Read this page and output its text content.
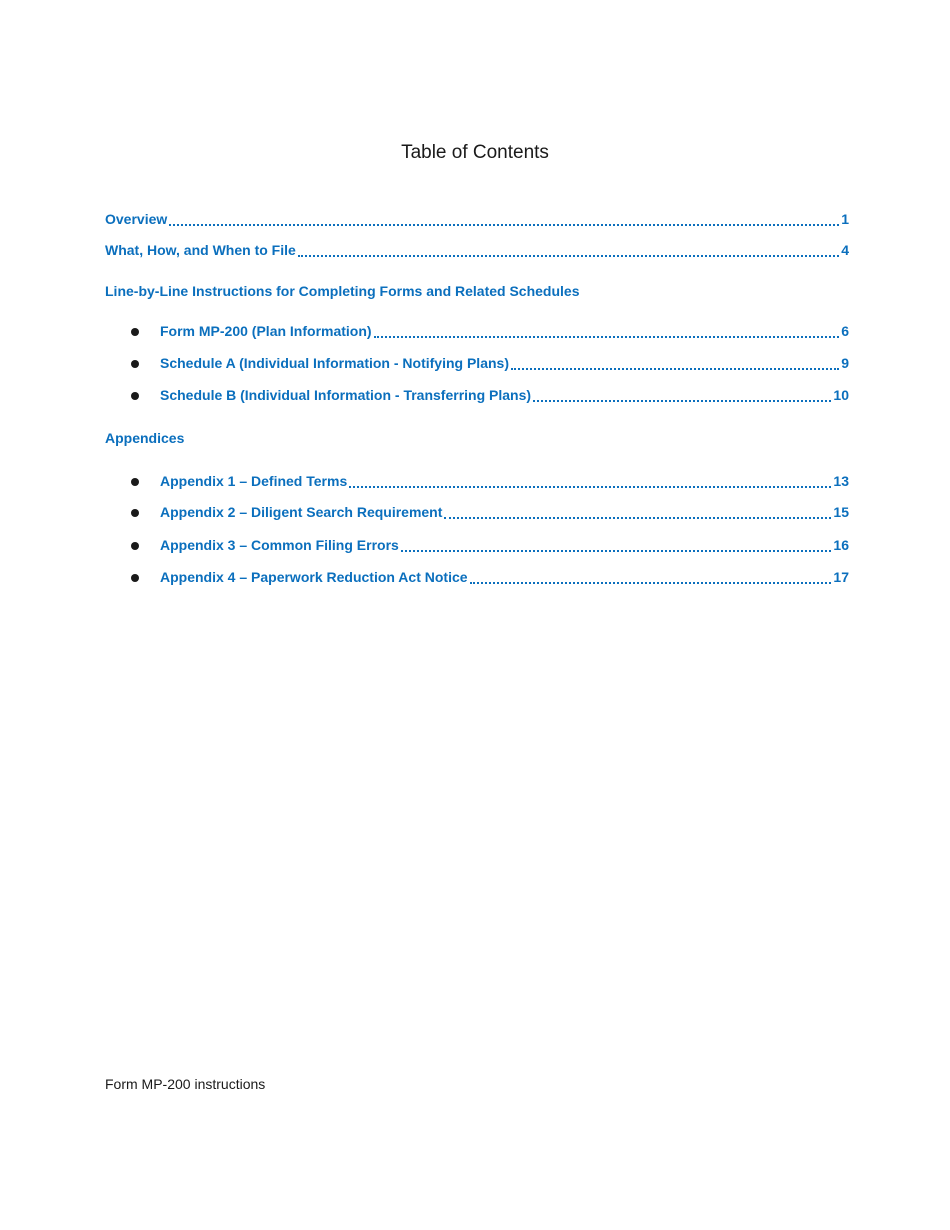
Table of Contents
Overview	1
What, How, and When to File	4
Line-by-Line Instructions for Completing Forms and Related Schedules
Form MP-200 (Plan Information)	6
Schedule A (Individual Information - Notifying Plans)	9
Schedule B (Individual Information - Transferring Plans)	10
Appendices
Appendix 1 – Defined Terms	13
Appendix 2 – Diligent Search Requirement	15
Appendix 3 – Common Filing Errors	16
Appendix 4 – Paperwork Reduction Act Notice	17
Form MP-200 instructions
